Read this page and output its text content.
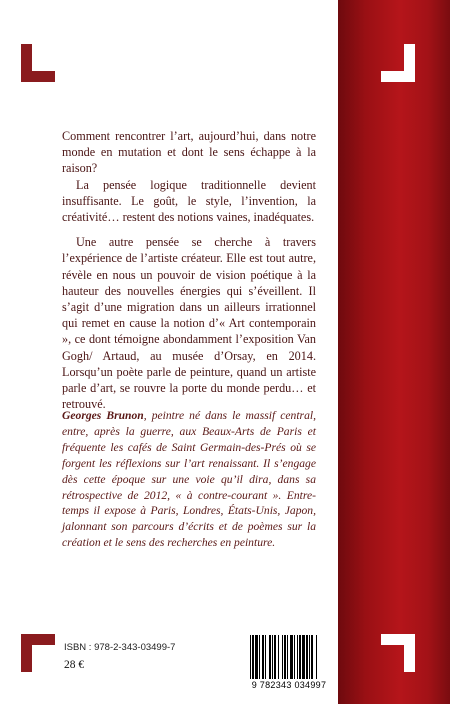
Comment rencontrer l’art, aujourd’hui, dans notre monde en mutation et dont le sens échappe à la raison?

La pensée logique traditionnelle devient insuffisante. Le goût, le style, l’invention, la créativité… restent des notions vaines, inadéquates.

Une autre pensée se cherche à travers l’expérience de l’artiste créateur. Elle est tout autre, révèle en nous un pouvoir de vision poétique à la hauteur des nouvelles énergies qui s’éveillent. Il s’agit d’une migration dans un ailleurs irrationnel qui remet en cause la notion d’« Art contemporain », ce dont témoigne abondamment l’exposition Van Gogh/ Artaud, au musée d’Orsay, en 2014. Lorsqu’un poète parle de peinture, quand un artiste parle d’art, se rouvre la porte du monde perdu… et retrouvé.

Georges Brunon, peintre né dans le massif central, entre, après la guerre, aux Beaux-Arts de Paris et fréquente les cafés de Saint Germain-des-Prés où se forgent les réflexions sur l’art renaissant. Il s’engage dès cette époque sur une voie qu’il dira, dans sa rétrospective de 2012, « à contre-courant ». Entre-temps il expose à Paris, Londres, États-Unis, Japon, jalonnant son parcours d’écrits et de poèmes sur la création et le sens des recherches en peinture.
ISBN : 978-2-343-03499-7
28 €
9 782343 034997
